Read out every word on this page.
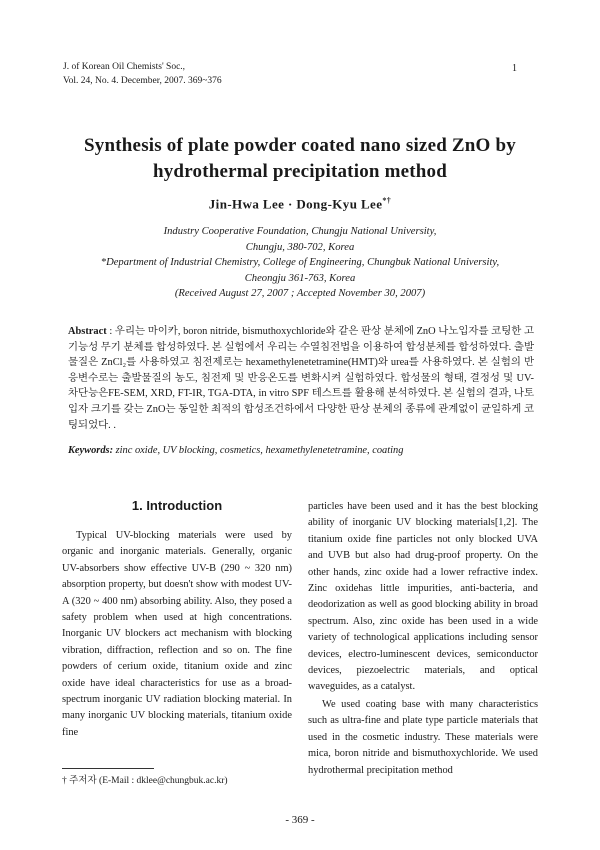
J. of Korean Oil Chemists' Soc.,
Vol. 24, No. 4. December, 2007. 369~376
1
Synthesis of plate powder coated nano sized ZnO by
hydrothermal precipitation method
Jin-Hwa Lee · Dong-Kyu Lee*†
Industry Cooperative Foundation, Chungju National University,
Chungju, 380-702, Korea
*Department of Industrial Chemistry, College of Engineering, Chungbuk National University,
Cheongju 361-763, Korea
(Received August 27, 2007 ; Accepted November 30, 2007)
Abstract : 우리는 마이카, boron nitride, bismuthoxychloride와 같은 판상 분체에 ZnO 나노입자를 코팅한 고 기능성 무기 분체를 합성하였다. 본 실험에서 우리는 수열침전법을 이용하여 합성분체를 합성하였다. 출발물질은 ZnCl₂를 사용하였고 침전제로는 hexamethylenetetramine(HMT)와 urea를 사용하였다. 본 실험의 반응변수로는 출발물질의 농도, 침전제 및 반응온도를 변화시켜 실험하였다. 합성물의 형태, 결정성 및 UV-차단능은FE-SEM, XRD, FT-IR, TGA-DTA, in vitro SPF 테스트를 활용해 분석하였다. 본 실험의 결과, 나토입자 크기를 갖는 ZnO는 동일한 최적의 합성조건하에서 다양한 판상 분체의 종류에 관계없이 균일하게 코팅되었다. .
Keywords: zinc oxide, UV blocking, cosmetics, hexamethylenetetramine, coating
1. Introduction

Typical UV-blocking materials were used by organic and inorganic materials. Generally, organic UV-absorbers show effective UV-B (290 ~ 320 nm) absorption property, but doesn't show with modest UV-A (320 ~ 400 nm) absorbing ability. Also, they posed a safety problem when used at high concentrations. Inorganic UV blockers act mechanism with blocking vibration, diffraction, reflection and so on. The fine powders of cerium oxide, titanium oxide and zinc oxide have ideal characteristics for use as a broad-spectrum inorganic UV radiation blocking material. In many inorganic UV blocking materials, titanium oxide fine

particles have been used and it has the best blocking ability of inorganic UV blocking materials[1,2]. The titanium oxide fine particles not only blocked UVA and UVB but also had drug-proof property. On the other hands, zinc oxide had a lower refractive index. Zinc oxidehas little impurities, anti-bacteria, and deodorization as well as good blocking ability in broad spectrum. Also, zinc oxide has been used in a wide variety of technological applications including sensor devices, electro-luminescent devices, semiconductor devices, piezoelectric materials, and optical waveguides, as a catalyst.

We used coating base with many characteristics such as ultra-fine and plate type particle materials that used in the cosmetic industry. These materials were mica, boron nitride and bismuthoxychloride. We used hydrothermal precipitation method

† 주저자 (E-Mail : dklee@chungbuk.ac.kr)
- 369 -
